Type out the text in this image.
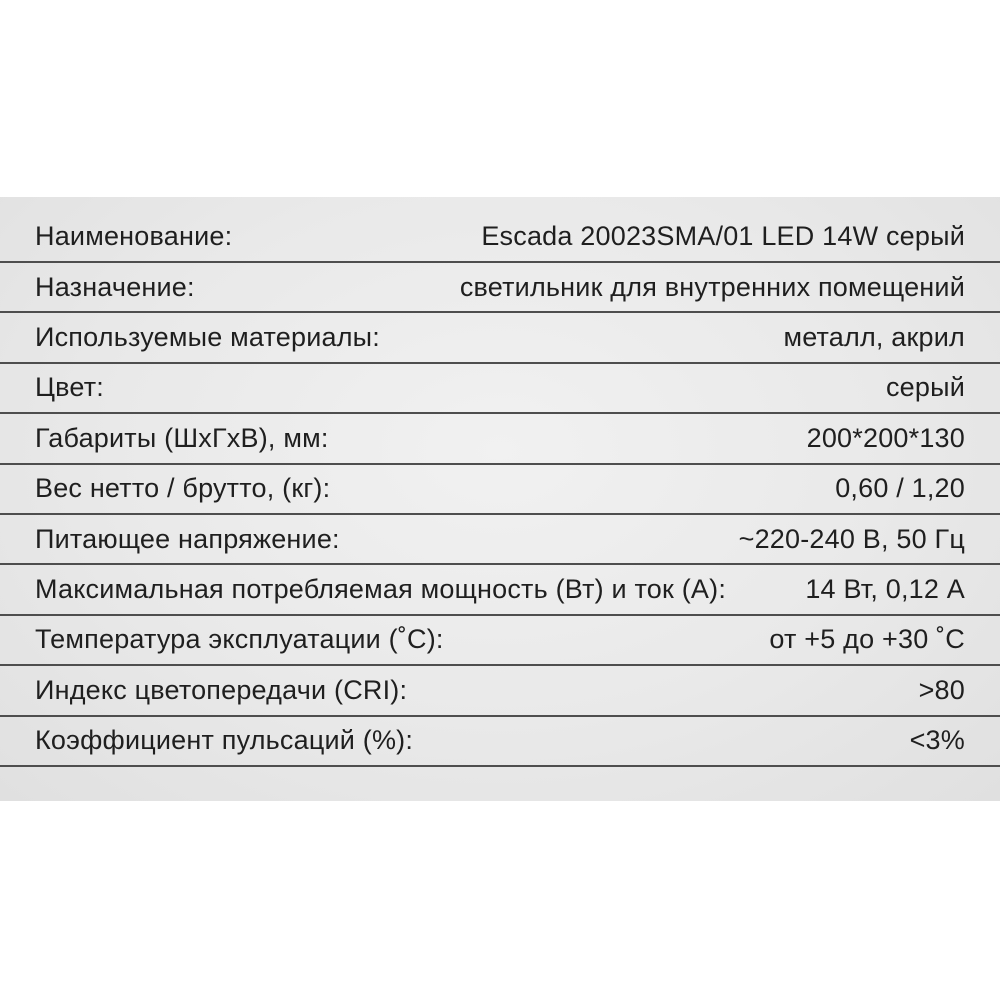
Наименование:	Escada 20023SMA/01 LED 14W серый
Назначение:	светильник для внутренних помещений
Используемые материалы:	металл, акрил
Цвет:	серый
Габариты (ШхГхВ), мм:	200*200*130
Вес нетто / брутто, (кг):	0,60 / 1,20
Питающее напряжение:	~220-240 В, 50 Гц
Максимальная потребляемая мощность (Вт) и ток (А):	14 Вт, 0,12 А
Температура эксплуатации (˚С):	от +5 до +30 ˚С
Индекс цветопередачи (CRI):	>80
Коэффициент пульсаций (%):	<3%
